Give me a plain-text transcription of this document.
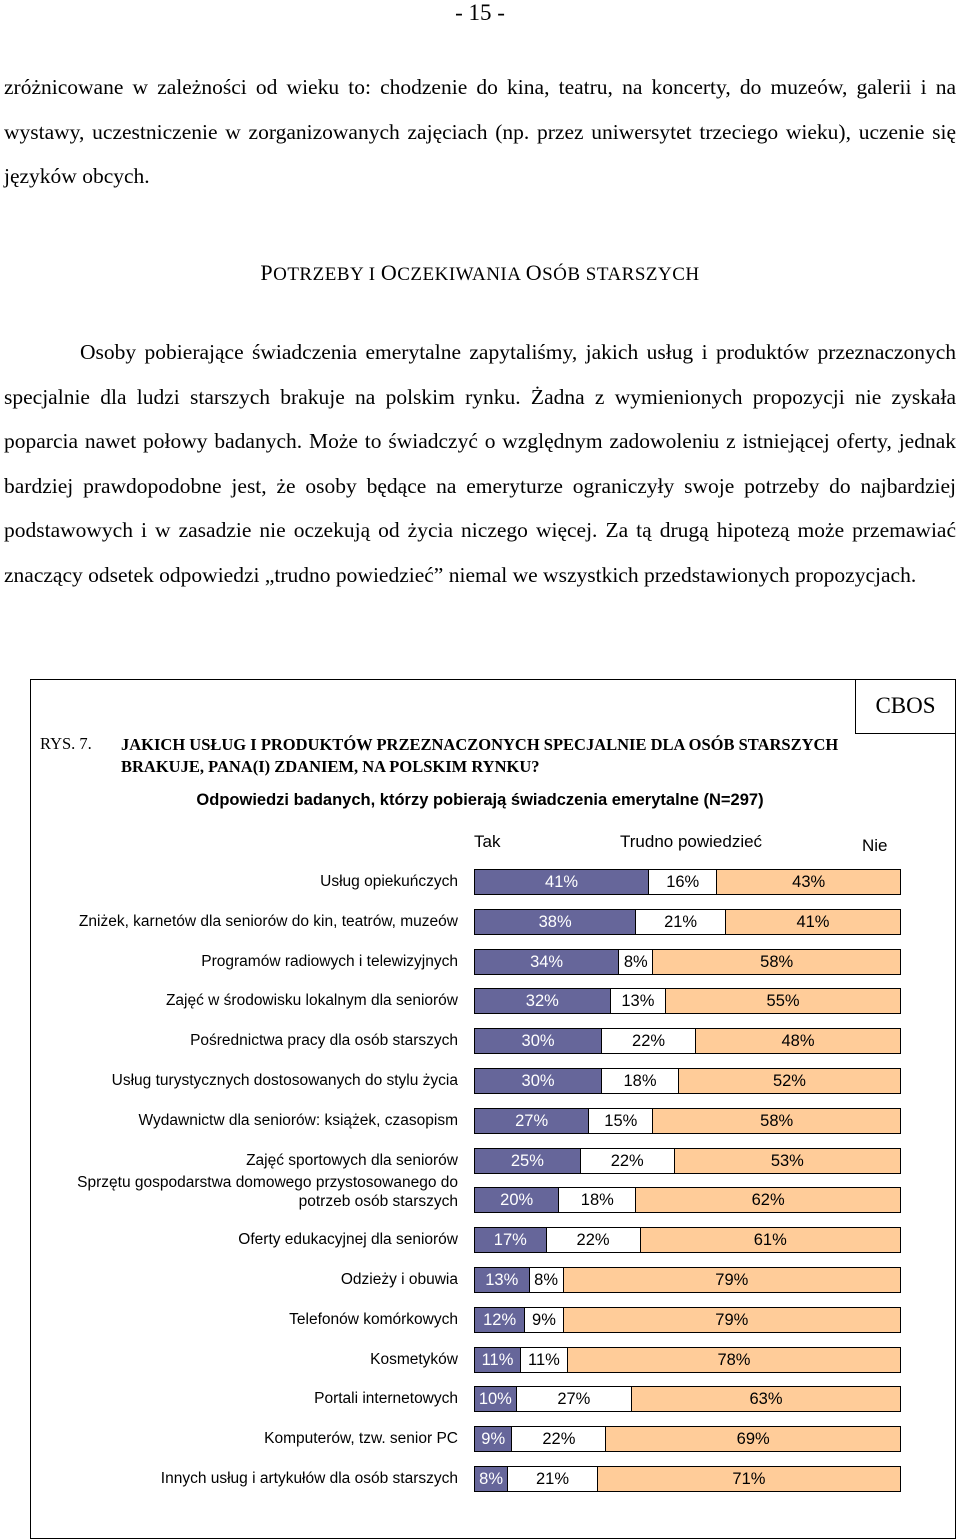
- 15 -

zróżnicowane w zależności od wieku to: chodzenie do kina, teatru, na koncerty, do muzeów, galerii i na wystawy, uczestniczenie w zorganizowanych zajęciach (np. przez uniwersytet trzeciego wieku), uczenie się języków obcych.

POTRZEBY I OCZEKIWANIA OSÓB STARSZYCH

Osoby pobierające świadczenia emerytalne zapytaliśmy, jakich usług i produktów przeznaczonych specjalnie dla ludzi starszych brakuje na polskim rynku. Żadna z wymienionych propozycji nie zyskała poparcia nawet połowy badanych. Może to świadczyć o względnym zadowoleniu z istniejącej oferty, jednak bardziej prawdopodobne jest, że osoby będące na emeryturze ograniczyły swoje potrzeby do najbardziej podstawowych i w zasadzie nie oczekują od życia niczego więcej. Za tą drugą hipotezą może przemawiać znaczący odsetek odpowiedzi „trudno powiedzieć” niemal we wszystkich przedstawionych propozycjach.

CBOS
RYS. 7. JAKICH USŁUG I PRODUKTÓW PRZEZNACZONYCH SPECJALNIE DLA OSÓB STARSZYCH BRAKUJE, PANA(I) ZDANIEM, NA POLSKIM RYNKU?
Odpowiedzi badanych, którzy pobierają świadczenia emerytalne (N=297)
Tak	Trudno powiedzieć	Nie
Usług opiekuńczych	41%	16%	43%
Zniżek, karnetów dla seniorów do kin, teatrów, muzeów	38%	21%	41%
Programów radiowych i telewizyjnych	34%	8%	58%
Zajęć w środowisku lokalnym dla seniorów	32%	13%	55%
Pośrednictwa pracy dla osób starszych	30%	22%	48%
Usług turystycznych dostosowanych do stylu życia	30%	18%	52%
Wydawnictw dla seniorów: książek, czasopism	27%	15%	58%
Zajęć sportowych dla seniorów	25%	22%	53%
Sprzętu gospodarstwa domowego przystosowanego do potrzeb osób starszych	20%	18%	62%
Oferty edukacyjnej dla seniorów	17%	22%	61%
Odzieży i obuwia	13% 8%	79%
Telefonów komórkowych	12% 9%	79%
Kosmetyków	11% 11%	78%
Portali internetowych 10%	27%	63%
Komputerów, tzw. senior PC	9%	22%	69%
Innych usług i artykułów dla osób starszych	8%	21%	71%
